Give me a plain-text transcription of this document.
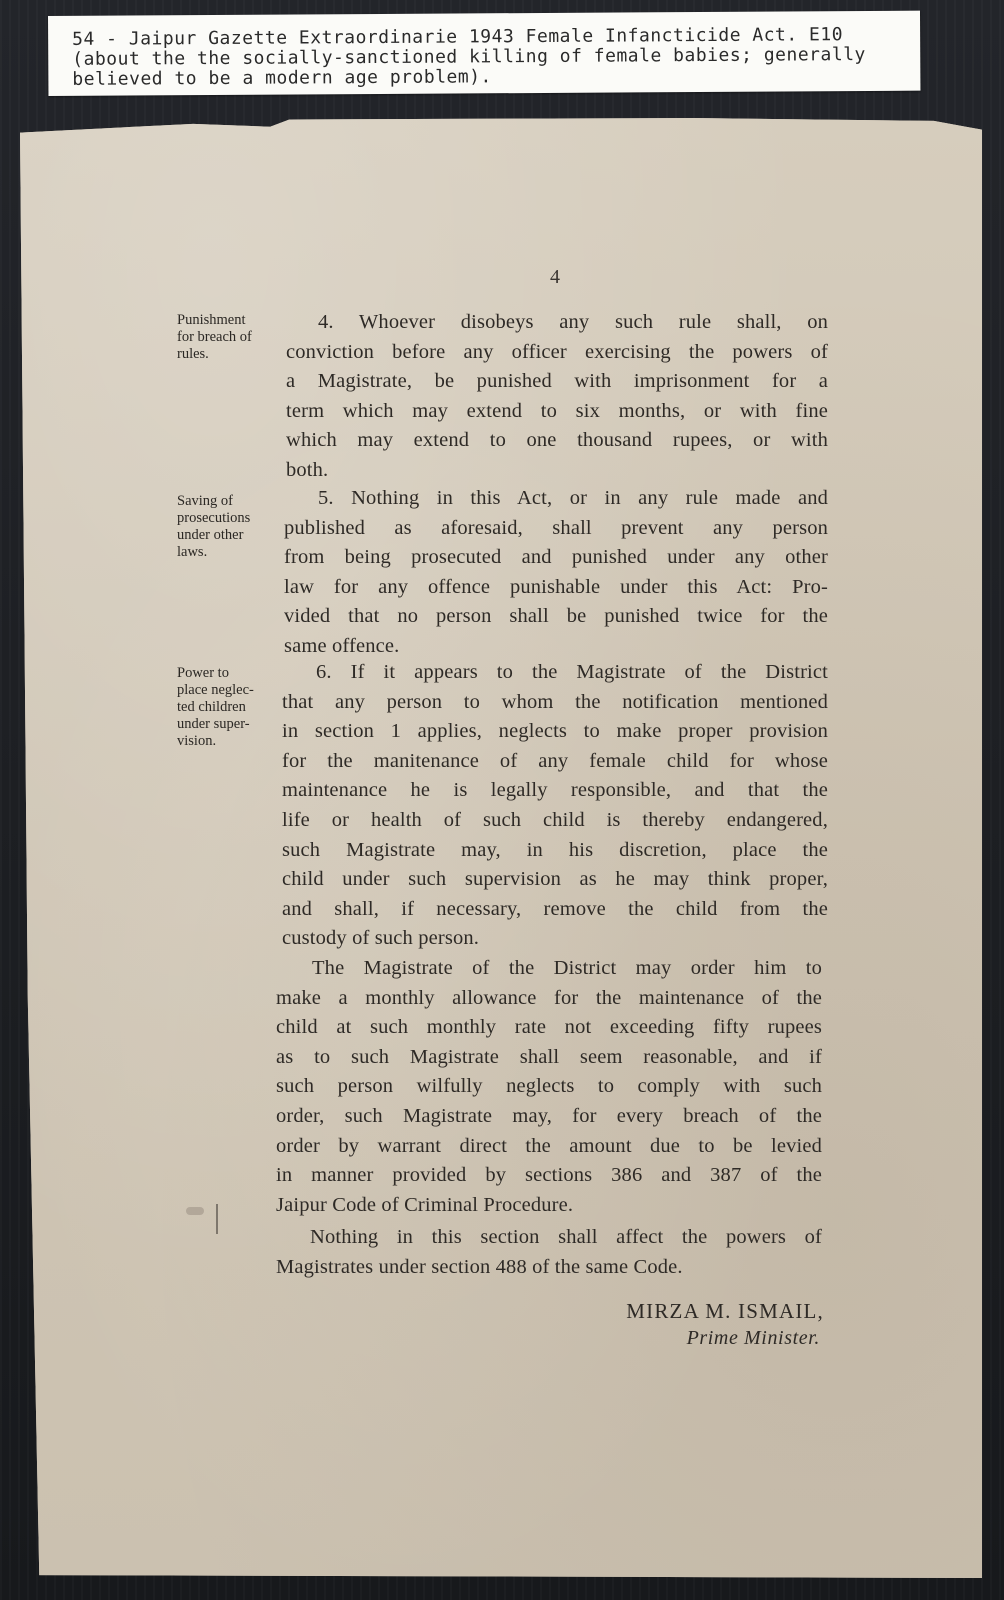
54 - Jaipur Gazette Extraordinarie 1943 Female Infancticide Act. E10
(about the the socially-sanctioned killing of female babies; generally
believed to be a modern age problem).
4
Punishment
for breach of
rules.
4. Whoever disobeys any such rule shall, on
conviction before any officer exercising the powers of
a Magistrate, be punished with imprisonment for a
term which may extend to six months, or with fine
which may extend to one thousand rupees, or with
both.
Saving of
prosecutions
under other
laws.
5. Nothing in this Act, or in any rule made and
published as aforesaid, shall prevent any person
from being prosecuted and punished under any other
law for any offence punishable under this Act: Pro-
vided that no person shall be punished twice for the
same offence.
Power to
place neglec-
ted children
under super-
vision.
6. If it appears to the Magistrate of the District
that any person to whom the notification mentioned
in section 1 applies, neglects to make proper provision
for the manitenance of any female child for whose
maintenance he is legally responsible, and that the
life or health of such child is thereby endangered,
such Magistrate may, in his discretion, place the
child under such supervision as he may think proper,
and shall, if necessary, remove the child from the
custody of such person.
The Magistrate of the District may order him to
make a monthly allowance for the maintenance of the
child at such monthly rate not exceeding fifty rupees
as to such Magistrate shall seem reasonable, and if
such person wilfully neglects to comply with such
order, such Magistrate may, for every breach of the
order by warrant direct the amount due to be levied
in manner provided by sections 386 and 387 of the
Jaipur Code of Criminal Procedure.
Nothing in this section shall affect the powers of
Magistrates under section 488 of the same Code.
MIRZA M. ISMAIL,
Prime Minister.
